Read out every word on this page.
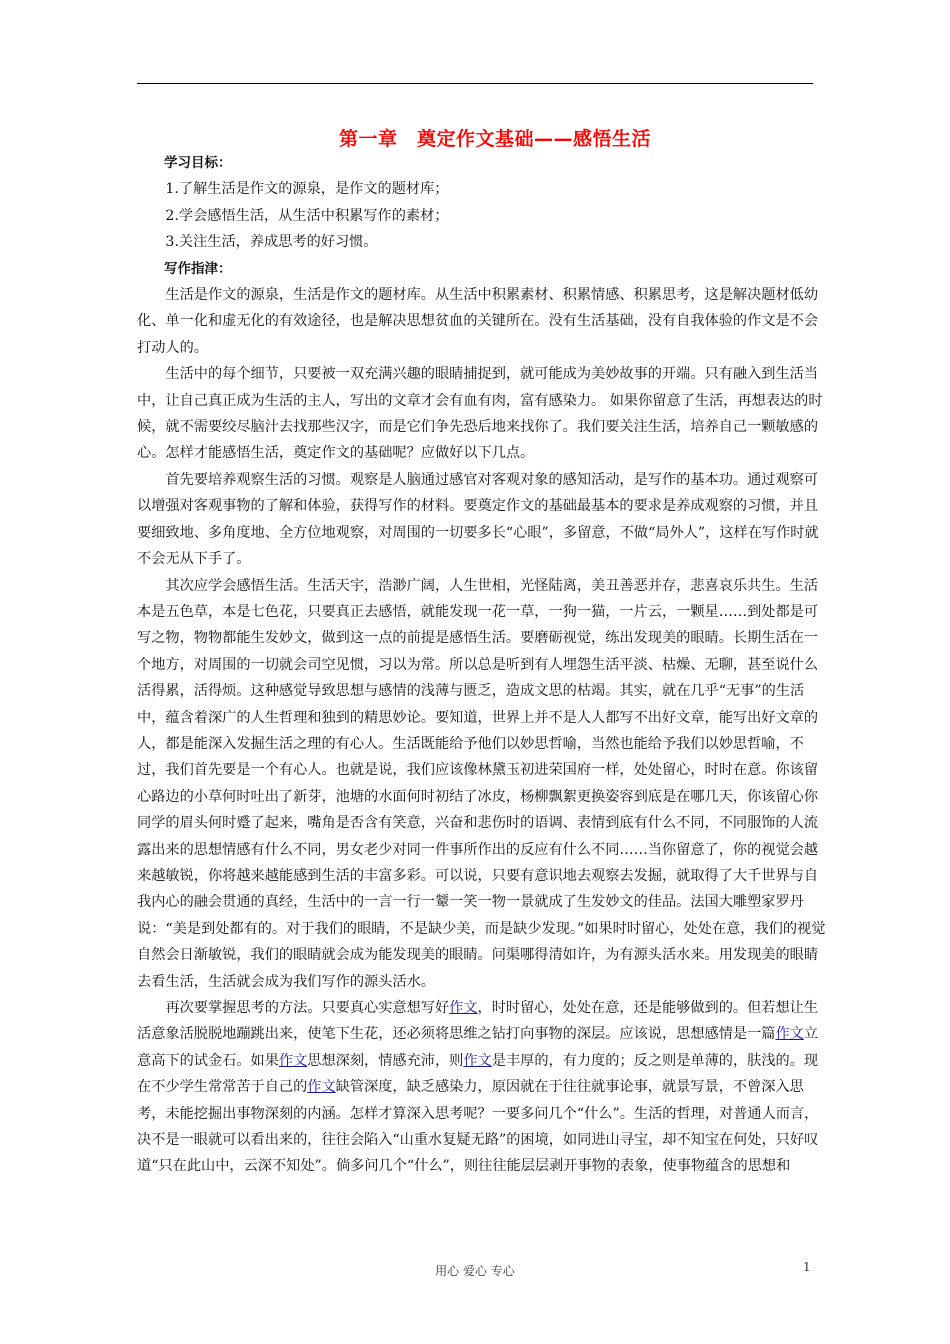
第一章　奠定作文基础——感悟生活

学习目标：

1.了解生活是作文的源泉，是作文的题材库；

2.学会感悟生活，从生活中积累写作的素材；

3.关注生活，养成思考的好习惯。

写作指津：

生活是作文的源泉，生活是作文的题材库。从生活中积累素材、积累情感、积累思考，这是解决题材低幼化、单一化和虚无化的有效途径，也是解决思想贫血的关键所在。没有生活基础，没有自我体验的作文是不会打动人的。

生活中的每个细节，只要被一双充满兴趣的眼睛捕捉到，就可能成为美妙故事的开端。只有融入到生活当中，让自己真正成为生活的主人，写出的文章才会有血有肉，富有感染力。 如果你留意了生活，再想表达的时候，就不需要绞尽脑汁去找那些汉字，而是它们争先恐后地来找你了。我们要关注生活，培养自己一颗敏感的心。怎样才能感悟生活，奠定作文的基础呢？应做好以下几点。

首先要培养观察生活的习惯。观察是人脑通过感官对客观对象的感知活动，是写作的基本功。通过观察可以增强对客观事物的了解和体验，获得写作的材料。要奠定作文的基础最基本的要求是养成观察的习惯，并且要细致地、多角度地、全方位地观察，对周围的一切要多长“心眼”，多留意，不做“局外人”，这样在写作时就不会无从下手了。

其次应学会感悟生活。生活天宇，浩渺广阔，人生世相，光怪陆离，美丑善恶并存，悲喜哀乐共生。生活本是五色草，本是七色花，只要真正去感悟，就能发现一花一草，一狗一猫，一片云，一颗星……到处都是可写之物，物物都能生发妙文，做到这一点的前提是感悟生活。要磨砺视觉，练出发现美的眼睛。长期生活在一个地方，对周围的一切就会司空见惯，习以为常。所以总是听到有人埋怨生活平淡、枯燥、无聊，甚至说什么活得累，活得烦。这种感觉导致思想与感情的浅薄与匮乏，造成文思的枯竭。其实，就在几乎“无事”的生活中，蕴含着深广的人生哲理和独到的精思妙论。要知道，世界上并不是人人都写不出好文章，能写出好文章的人，都是能深入发掘生活之理的有心人。生活既能给予他们以妙思哲喻，当然也能给予我们以妙思哲喻，不过，我们首先要是一个有心人。也就是说，我们应该像林黛玉初进荣国府一样，处处留心，时时在意。你该留心路边的小草何时吐出了新芽，池塘的水面何时初结了冰皮，杨柳飘絮更换姿容到底是在哪几天，你该留心你同学的眉头何时蹙了起来，嘴角是否含有笑意，兴奋和悲伤时的语调、表情到底有什么不同，不同服饰的人流露出来的思想情感有什么不同，男女老少对同一件事所作出的反应有什么不同……当你留意了，你的视觉会越来越敏锐，你将越来越能感到生活的丰富多彩。可以说，只要有意识地去观察去发掘，就取得了大千世界与自我内心的融会贯通的真经，生活中的一言一行一颦一笑一物一景就成了生发妙文的佳品。法国大雕塑家罗丹说：“美是到处都有的。对于我们的眼睛，不是缺少美，而是缺少发现。”如果时时留心，处处在意，我们的视觉自然会日渐敏锐，我们的眼睛就会成为能发现美的眼睛。问渠哪得清如许，为有源头活水来。用发现美的眼睛去看生活，生活就会成为我们写作的源头活水。

再次要掌握思考的方法。只要真心实意想写好作文，时时留心，处处在意，还是能够做到的。但若想让生活意象活脱脱地蹦跳出来，使笔下生花，还必须将思维之钻打向事物的深层。应该说，思想感情是一篇作文立意高下的试金石。如果作文思想深刻，情感充沛，则作文是丰厚的，有力度的；反之则是单薄的，肤浅的。现在不少学生常常苦于自己的作文缺管深度，缺乏感染力，原因就在于往往就事论事，就景写景，不曾深入思考，未能挖掘出事物深刻的内涵。怎样才算深入思考呢？一要多问几个“什么”。生活的哲理，对普通人而言，决不是一眼就可以看出来的，往往会陷入“山重水复疑无路”的困境，如同进山寻宝，却不知宝在何处，只好叹道“只在此山中，云深不知处”。倘多问几个“什么”，则往往能层层剥开事物的表象，使事物蕴含的思想和

用心 爱心 专心	1
